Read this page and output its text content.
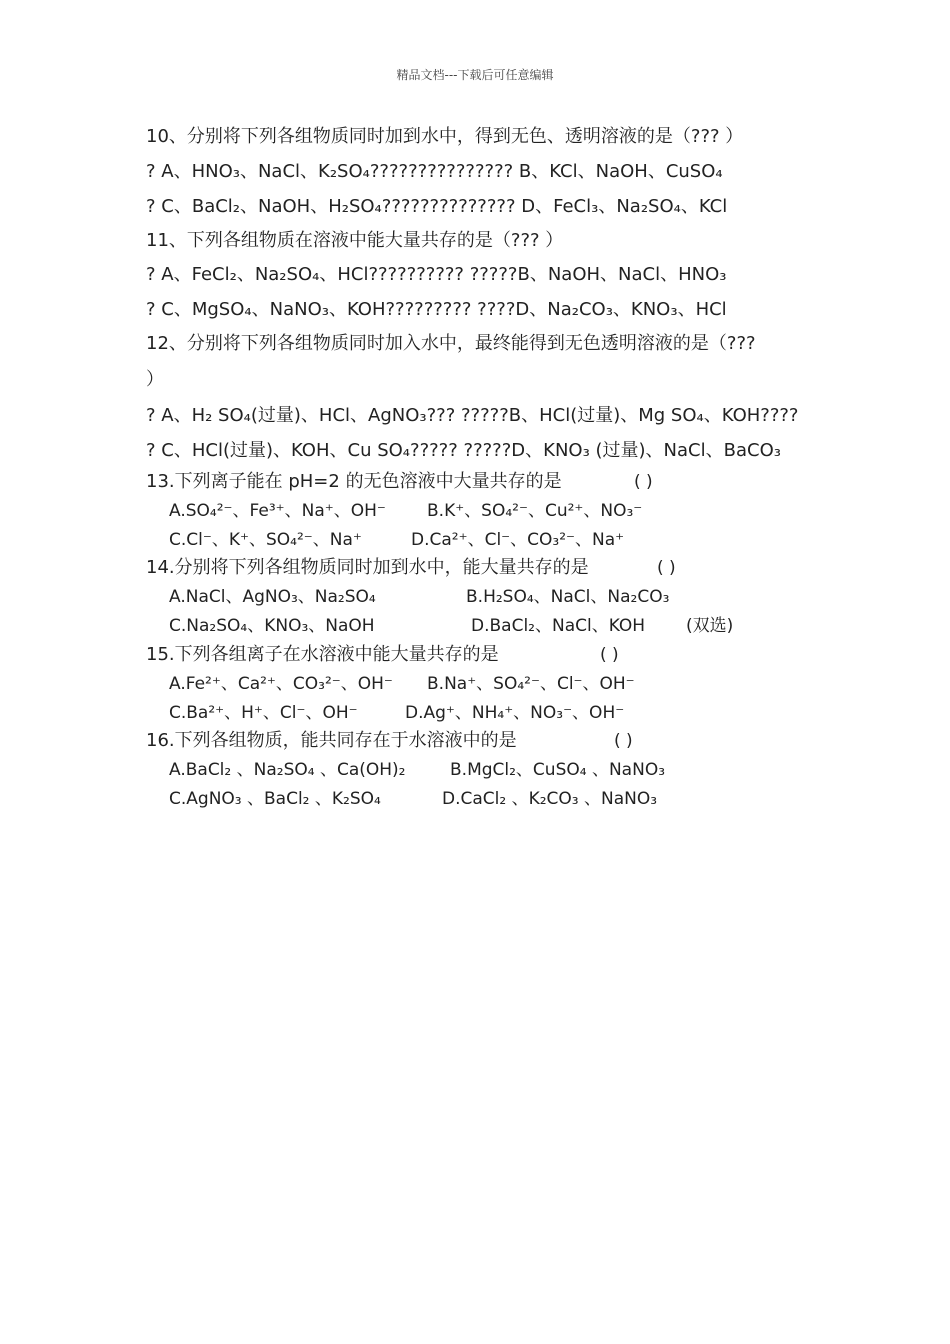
精品文档---下载后可任意编辑
10、分别将下列各组物质同时加到水中，得到无色、透明溶液的是（??? ）
? A、HNO₃、NaCl、K₂SO₄??????????????? B、KCl、NaOH、CuSO₄
? C、BaCl₂、NaOH、H₂SO₄?????????????? D、FeCl₃、Na₂SO₄、KCl
11、下列各组物质在溶液中能大量共存的是（??? ）
? A、FeCl₂、Na₂SO₄、HCl?????????? ?????B、NaOH、NaCl、HNO₃
? C、MgSO₄、NaNO₃、KOH????????? ????D、Na₂CO₃、KNO₃、HCl
12、分别将下列各组物质同时加入水中，最终能得到无色透明溶液的是（???
）
? A、H₂ SO₄(过量)、HCl、AgNO₃??? ?????B、HCl(过量)、Mg SO₄、KOH????
? C、HCl(过量)、KOH、Cu SO₄????? ?????D、KNO₃ (过量)、NaCl、BaCO₃
13.下列离子能在 pH=2 的无色溶液中大量共存的是	( )
A.SO₄²⁻、Fe³⁺、Na⁺、OH⁻ B.K⁺、SO₄²⁻、Cu²⁺、NO₃⁻
C.Cl⁻、K⁺、SO₄²⁻、Na⁺	D.Ca²⁺、Cl⁻、CO₃²⁻、Na⁺
14.分别将下列各组物质同时加到水中，能大量共存的是	( )
A.NaCl、AgNO₃、Na₂SO₄	B.H₂SO₄、NaCl、Na₂CO₃
C.Na₂SO₄、KNO₃、NaOH	D.BaCl₂、NaCl、KOH (双选)
15.下列各组离子在水溶液中能大量共存的是	( )
A.Fe²⁺、Ca²⁺、CO₃²⁻、OH⁻ B.Na⁺、SO₄²⁻、Cl⁻、OH⁻
C.Ba²⁺、H⁺、Cl⁻、OH⁻	D.Ag⁺、NH₄⁺、NO₃⁻、OH⁻
16.下列各组物质，能共同存在于水溶液中的是	( )
A.BaCl₂ 、Na₂SO₄ 、Ca(OH)₂	B.MgCl₂、CuSO₄ 、NaNO₃
C.AgNO₃ 、BaCl₂ 、K₂SO₄	D.CaCl₂ 、K₂CO₃ 、NaNO₃
